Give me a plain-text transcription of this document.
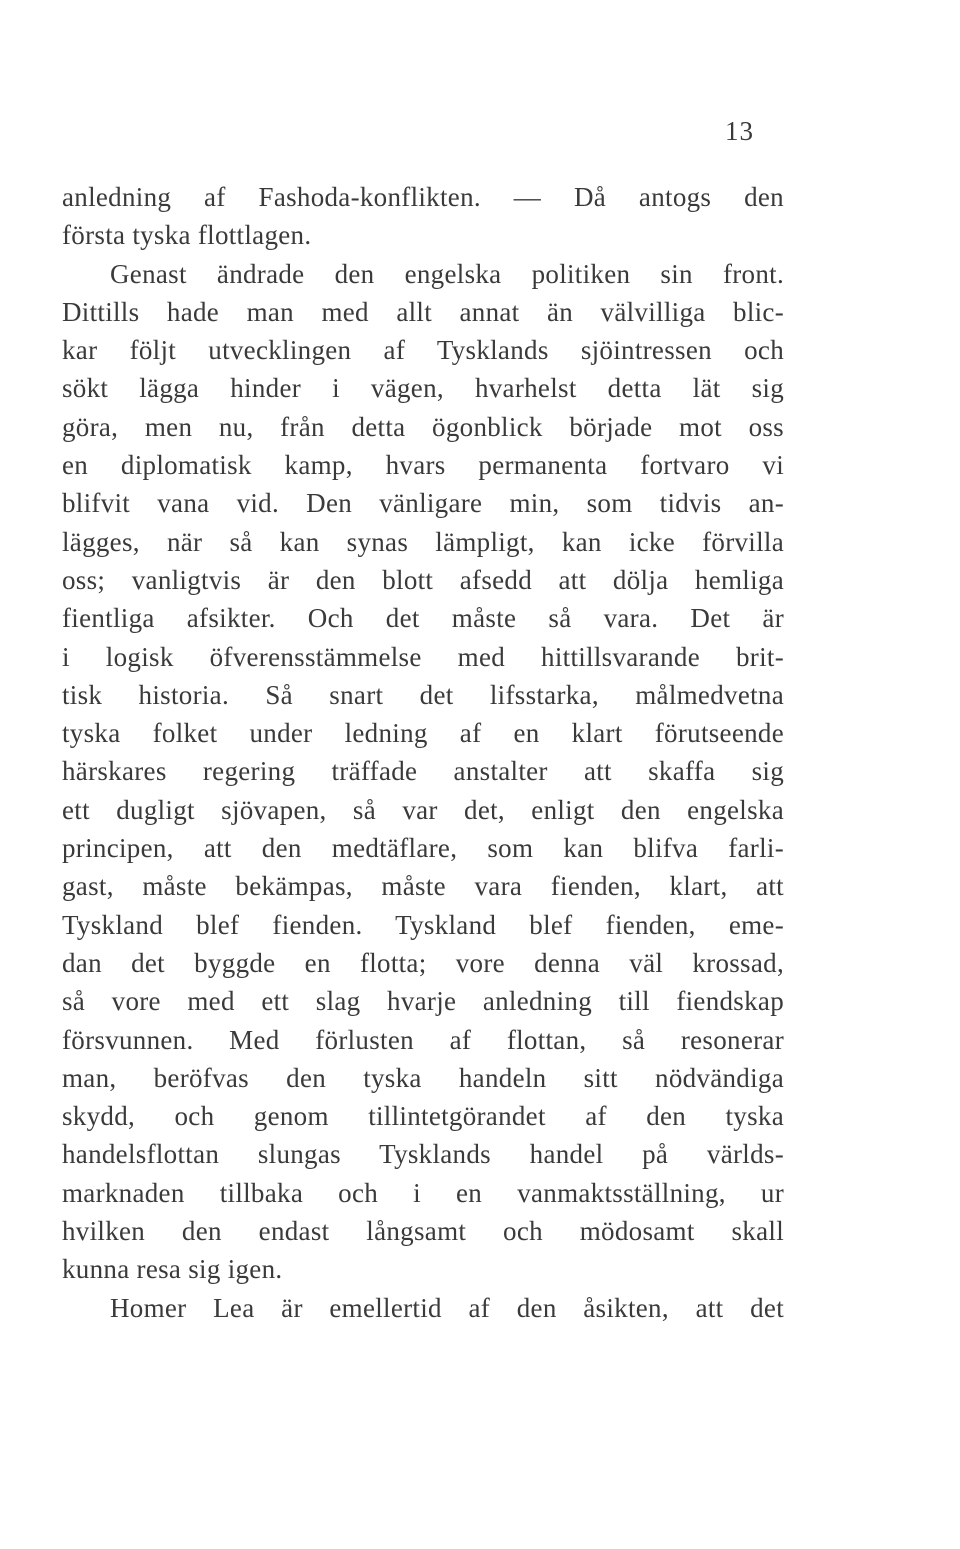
13
anledning af Fashoda-konflikten. — Då antogs den
första tyska flottlagen.
Genast ändrade den engelska politiken sin front.
Dittills hade man med allt annat än välvilliga blic-
kar följt utvecklingen af Tysklands sjöintressen och
sökt lägga hinder i vägen, hvarhelst detta lät sig
göra, men nu, från detta ögonblick började mot oss
en diplomatisk kamp, hvars permanenta fortvaro vi
blifvit vana vid. Den vänligare min, som tidvis an-
lägges, när så kan synas lämpligt, kan icke förvilla
oss; vanligtvis är den blott afsedd att dölja hemliga
fientliga afsikter. Och det måste så vara. Det är
i logisk öfverensstämmelse med hittillsvarande brit-
tisk historia. Så snart det lifsstarka, målmedvetna
tyska folket under ledning af en klart förutseende
härskares regering träffade anstalter att skaffa sig
ett dugligt sjövapen, så var det, enligt den engelska
principen, att den medtäflare, som kan blifva farli-
gast, måste bekämpas, måste vara fienden, klart, att
Tyskland blef fienden. Tyskland blef fienden, eme-
dan det byggde en flotta; vore denna väl krossad,
så vore med ett slag hvarje anledning till fiendskap
försvunnen. Med förlusten af flottan, så resonerar
man, beröfvas den tyska handeln sitt nödvändiga
skydd, och genom tillintetgörandet af den tyska
handelsflottan slungas Tysklands handel på världs-
marknaden tillbaka och i en vanmaktsställning, ur
hvilken den endast långsamt och mödosamt skall
kunna resa sig igen.
Homer Lea är emellertid af den åsikten, att det
